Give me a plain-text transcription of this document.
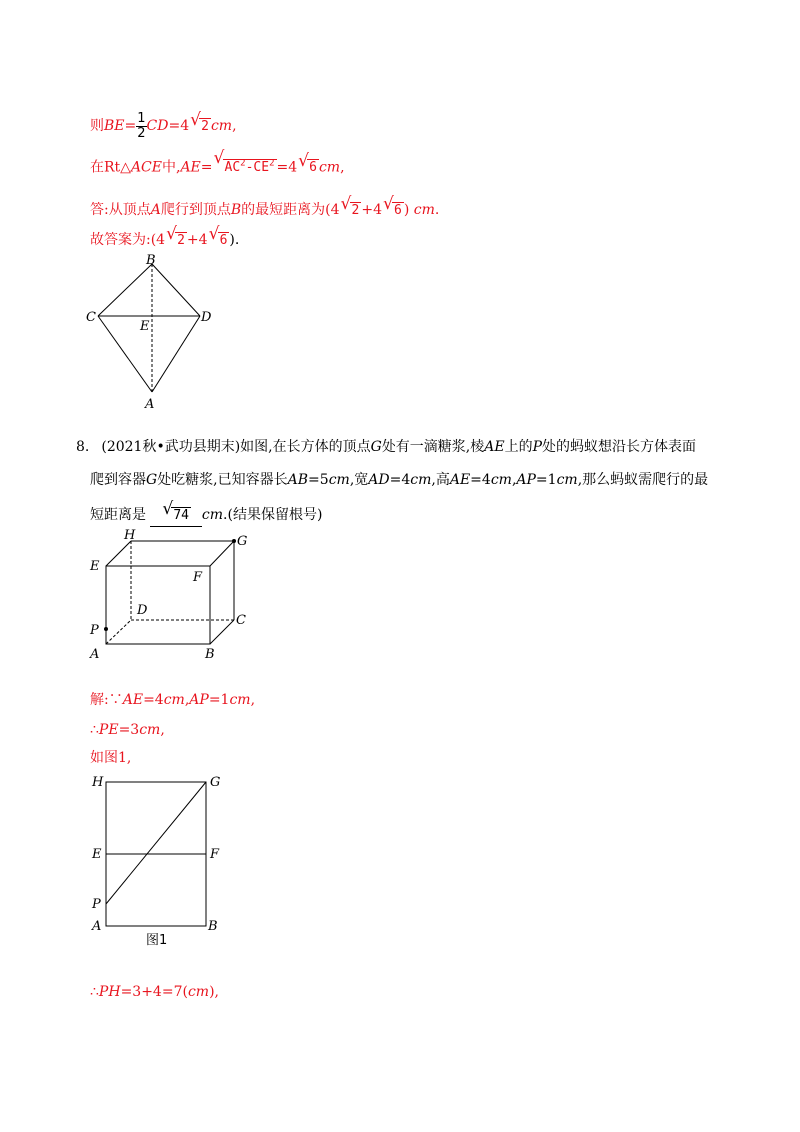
则$BE= \frac{1}{2} CD=4$ √ 2 cm,
在Rt△ACE中,AE= √ $AC^2-CE^2 =4$ √ 6 cm,
答:从顶点A爬行到顶点B的最短距离为(4 √ 2 +4 √ 6 ) cm.
故答案为:(4 √ 2 +4 √ 6 ).
B
C
E
D
A
8. (2021秋•武功县期末)如图,在长方体的顶点G处有一滴糖浆,棱AE上的P处的蚂蚁想沿长方体表面
爬到容器G处吃糖浆,已知容器长AB=5cm,宽AD=4cm,高AE=4cm,AP=1cm,那么蚂蚁需爬行的最
短距离是 √ 74 cm.(结果保留根号)
H	G
E
F
D
P
C
A	B
解:∵AE=4cm,AP=1cm,
∴PE=3cm,
如图1,
H	G
E	F
P
A	B
图1
∴PH=3+4=7(cm),
